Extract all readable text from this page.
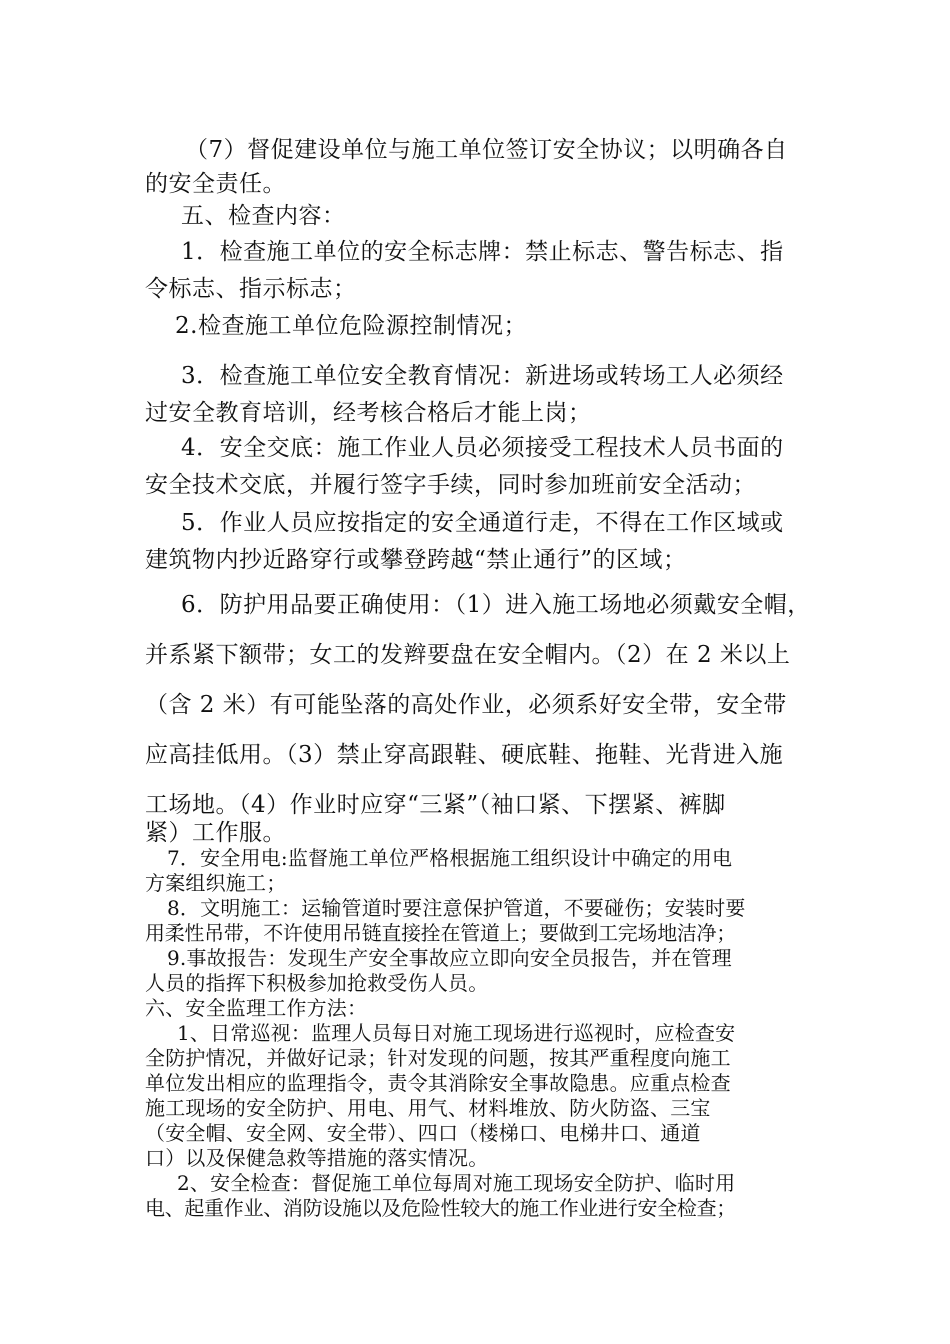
（7）督促建设单位与施工单位签订安全协议；以明确各自
的安全责任。
五、检查内容：
1．检查施工单位的安全标志牌：禁止标志、警告标志、指
令标志、指示标志；
2.检查施工单位危险源控制情况；
3．检查施工单位安全教育情况：新进场或转场工人必须经
过安全教育培训，经考核合格后才能上岗；
4．安全交底：施工作业人员必须接受工程技术人员书面的
安全技术交底，并履行签字手续，同时参加班前安全活动；
5．作业人员应按指定的安全通道行走，不得在工作区域或
建筑物内抄近路穿行或攀登跨越“禁止通行”的区域；
6．防护用品要正确使用：（1）进入施工场地必须戴安全帽，
并系紧下额带；女工的发辫要盘在安全帽内。（2）在 2 米以上
（含 2 米）有可能坠落的高处作业，必须系好安全带，安全带
应高挂低用。（3）禁止穿高跟鞋、硬底鞋、拖鞋、光背进入施
工场地。（4）作业时应穿“三紧”（袖口紧、下摆紧、裤脚
紧）工作服。
7．安全用电:监督施工单位严格根据施工组织设计中确定的用电
方案组织施工；
8．文明施工：运输管道时要注意保护管道，不要碰伤；安装时要
用柔性吊带，不许使用吊链直接拴在管道上；要做到工完场地洁净；
9.事故报告：发现生产安全事故应立即向安全员报告，并在管理
人员的指挥下积极参加抢救受伤人员。
六、安全监理工作方法：
1、日常巡视：监理人员每日对施工现场进行巡视时，应检查安
全防护情况，并做好记录；针对发现的问题，按其严重程度向施工
单位发出相应的监理指令，责令其消除安全事故隐患。应重点检查
施工现场的安全防护、用电、用气、材料堆放、防火防盗、三宝
（安全帽、安全网、安全带）、四口（楼梯口、电梯井口、通道
口）以及保健急救等措施的落实情况。
2、安全检查：督促施工单位每周对施工现场安全防护、临时用
电、起重作业、消防设施以及危险性较大的施工作业进行安全检查；
